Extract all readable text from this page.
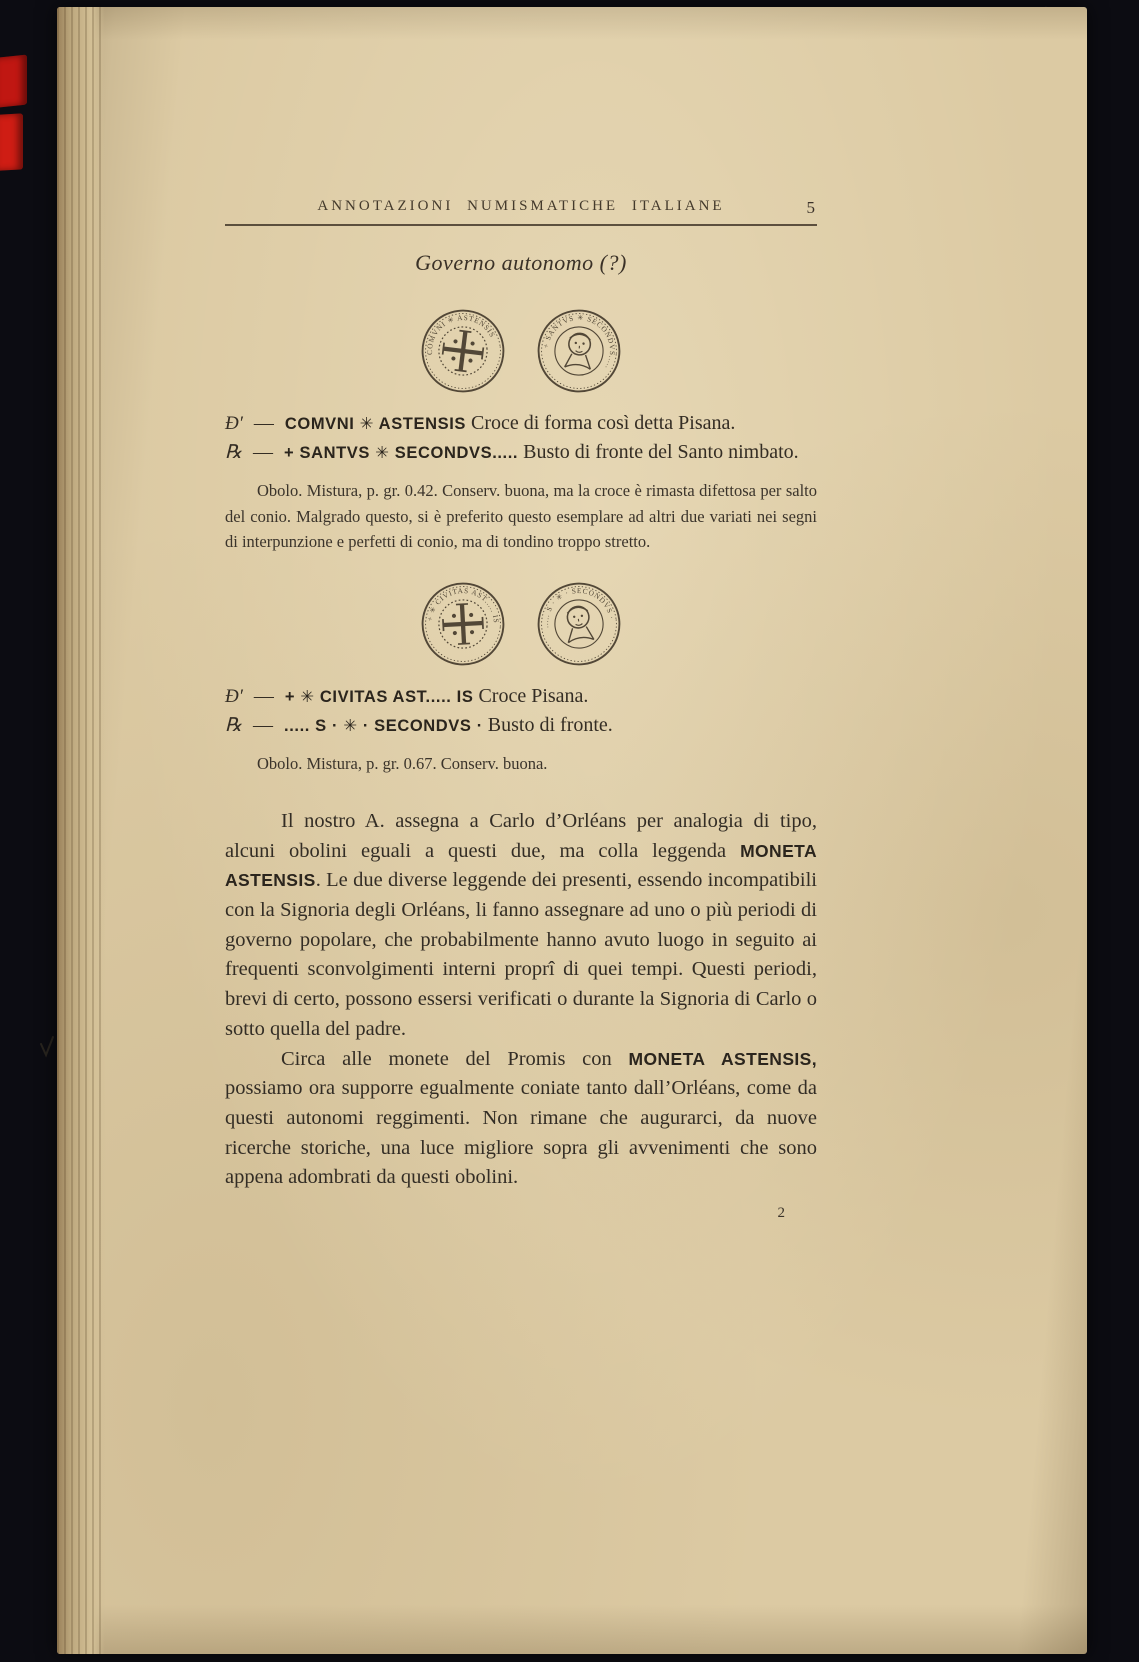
ANNOTAZIONI NUMISMATICHE ITALIANE	5
Governo autonomo (?)
COMVNI ✳ ASTENSIS
+ SANTVS ✳ SECONDVS.....
Ɖ′ — COMVNI ✳ ASTENSIS Croce di forma così detta Pisana.
℞ — + SANTVS ✳ SECONDVS..... Busto di fronte del Santo nimbato.

Obolo. Mistura, p. gr. 0.42. Conserv. buona, ma la croce è rimasta difettosa per salto del conio. Malgrado questo, si è preferito questo esemplare ad altri due variati nei segni di interpunzione e perfetti di conio, ma di tondino troppo stretto.

+ ✳ CIVITAS AST..... IS
..... S · ✳ · SECONDVS ·
Ɖ′ — + ✳ CIVITAS AST..... IS Croce Pisana.
℞ — ..... S · ✳ · SECONDVS · Busto di fronte.

Obolo. Mistura, p. gr. 0.67. Conserv. buona.

Il nostro A. assegna a Carlo d’Orléans per analogia di tipo, alcuni obolini eguali a questi due, ma colla leggenda MONETA ASTENSIS. Le due diverse leggende dei presenti, essendo incompatibili con la Signoria degli Orléans, li fanno assegnare ad uno o più periodi di governo popolare, che probabilmente hanno avuto luogo in seguito ai frequenti sconvolgimenti interni proprî di quei tempi. Questi periodi, brevi di certo, possono essersi verificati o durante la Signoria di Carlo o sotto quella del padre.

Circa alle monete del Promis con MONETA ASTENSIS, possiamo ora supporre egualmente coniate tanto dall’Orléans, come da questi autonomi reggimenti. Non rimane che augurarci, da nuove ricerche storiche, una luce migliore sopra gli avvenimenti che sono appena adombrati da questi obolini.

2
